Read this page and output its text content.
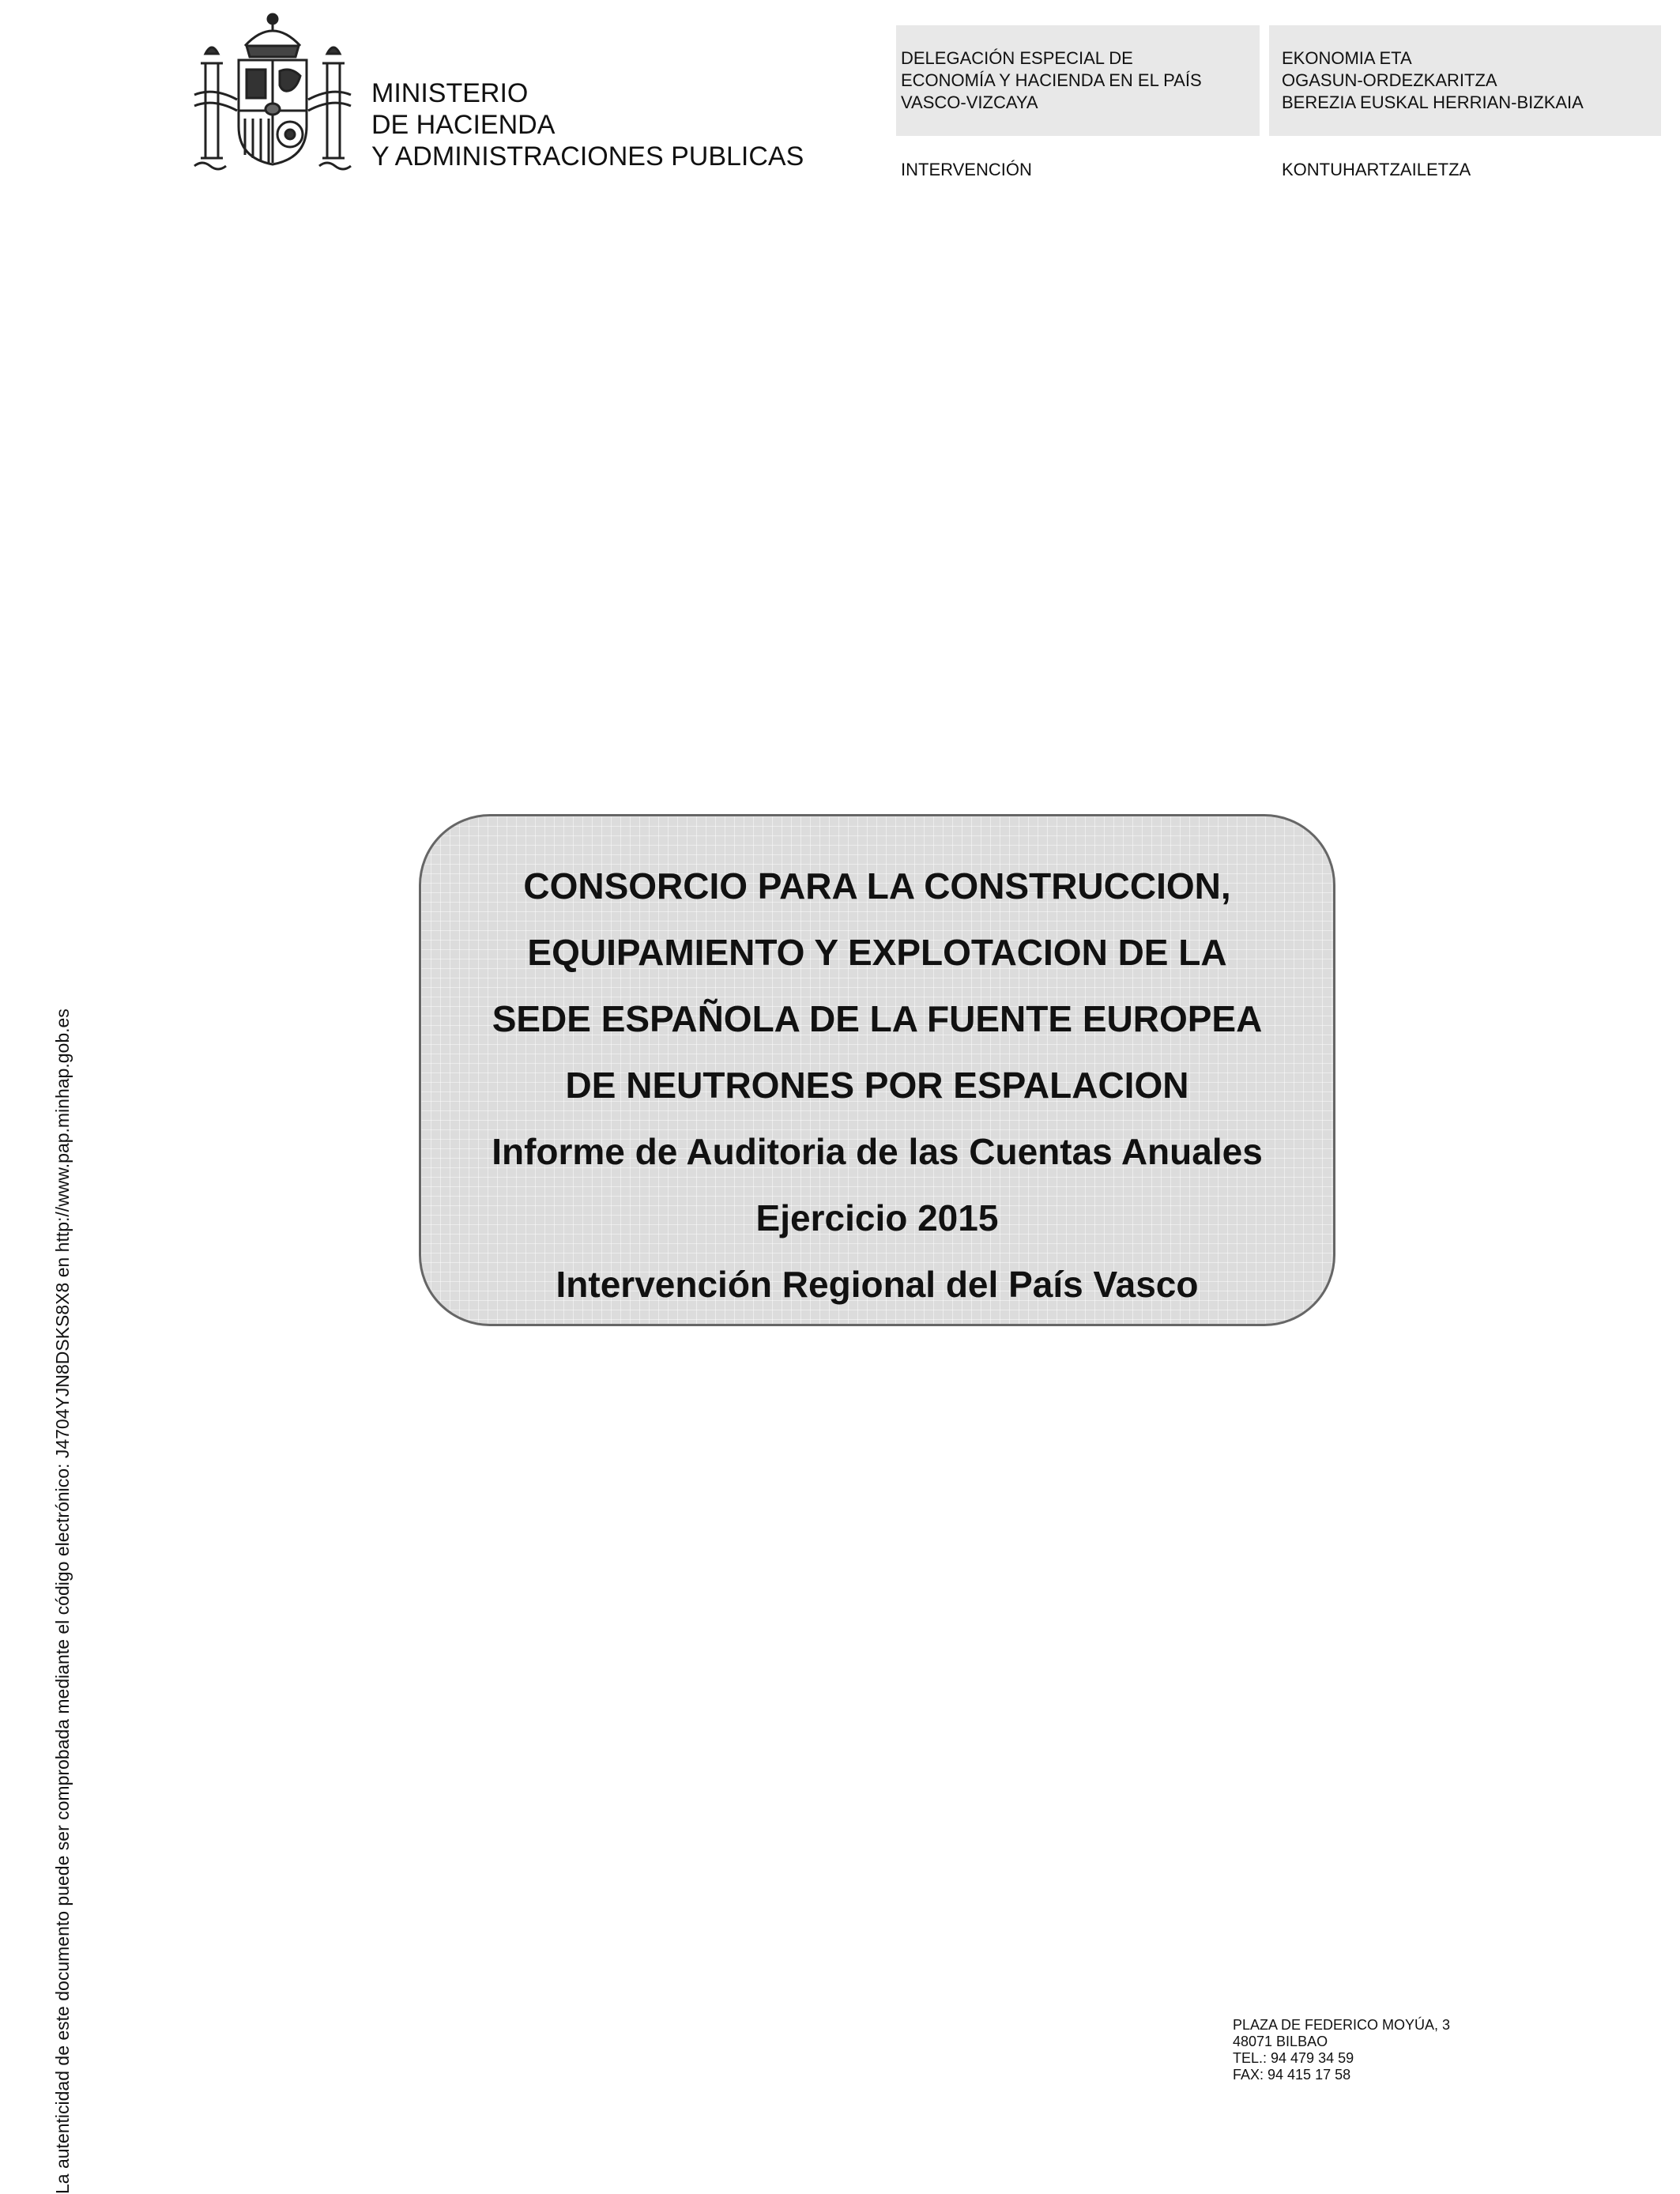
MINISTERIO
DE HACIENDA
Y ADMINISTRACIONES PUBLICAS
DELEGACIÓN ESPECIAL DE
ECONOMÍA Y HACIENDA EN EL PAÍS
VASCO-VIZCAYA
EKONOMIA ETA
OGASUN-ORDEZKARITZA
BEREZIA EUSKAL HERRIAN-BIZKAIA
INTERVENCIÓN	KONTUHARTZAILETZA
La autenticidad de este documento puede ser comprobada mediante el código electrónico: J4704YJN8DSKS8X8 en http://www.pap.minhap.gob.es
CONSORCIO PARA LA CONSTRUCCION,
EQUIPAMIENTO Y EXPLOTACION DE LA
SEDE ESPAÑOLA DE LA FUENTE EUROPEA
DE NEUTRONES POR ESPALACION
Informe de Auditoria de las Cuentas Anuales
Ejercicio 2015
Intervención Regional del País Vasco
PLAZA DE FEDERICO MOYÚA, 3
48071 BILBAO
TEL.: 94 479 34 59
FAX: 94 415 17 58
